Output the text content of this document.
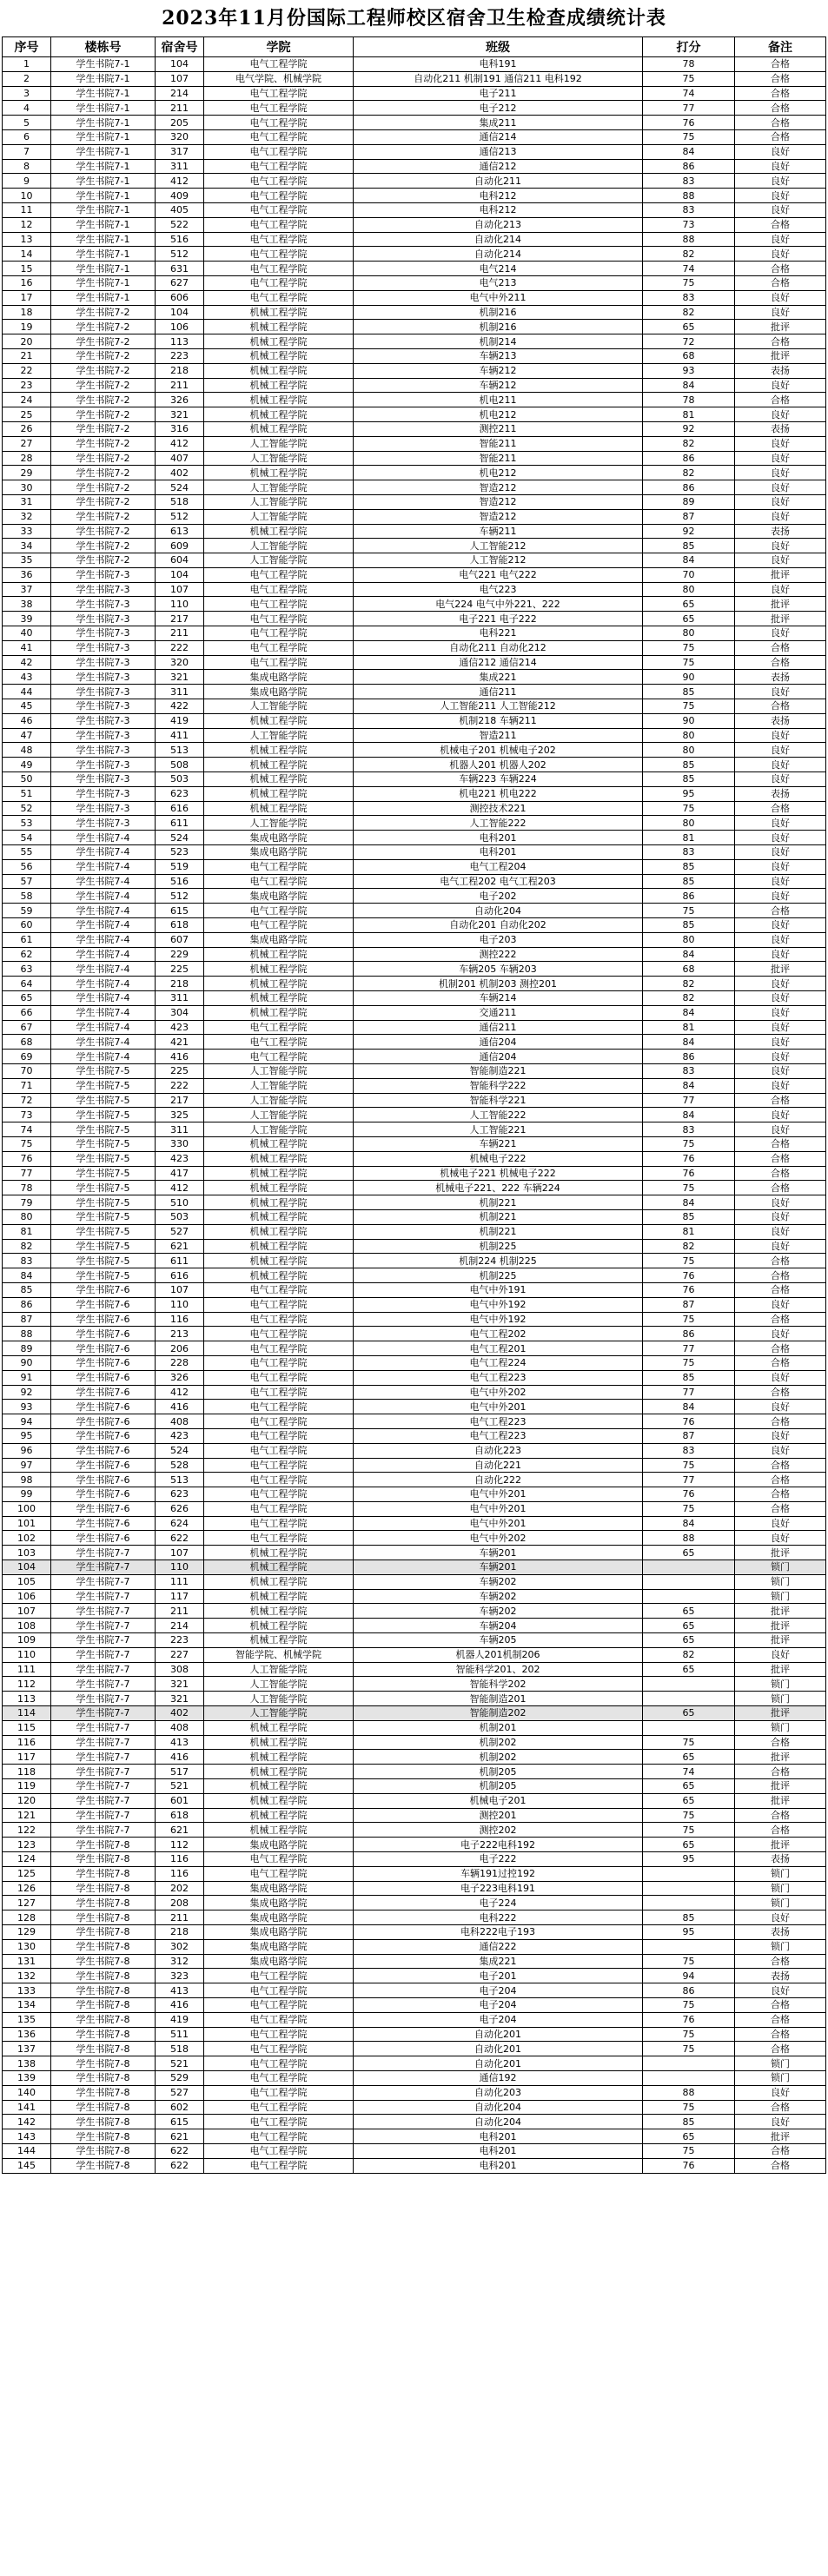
2023年11月份国际工程师校区宿舍卫生检查成绩统计表
序号	楼栋号	宿舍号	学院	班级	打分	备注
1	学生书院7-1	104	电气工程学院	电科191	78	合格
2	学生书院7-1	107	电气学院、机械学院	自动化211 机制191 通信211 电科192	75	合格
3	学生书院7-1	214	电气工程学院	电子211	74	合格
4	学生书院7-1	211	电气工程学院	电子212	77	合格
5	学生书院7-1	205	电气工程学院	集成211	76	合格
6	学生书院7-1	320	电气工程学院	通信214	75	合格
7	学生书院7-1	317	电气工程学院	通信213	84	良好
8	学生书院7-1	311	电气工程学院	通信212	86	良好
9	学生书院7-1	412	电气工程学院	自动化211	83	良好
10	学生书院7-1	409	电气工程学院	电科212	88	良好
11	学生书院7-1	405	电气工程学院	电科212	83	良好
12	学生书院7-1	522	电气工程学院	自动化213	73	合格
13	学生书院7-1	516	电气工程学院	自动化214	88	良好
14	学生书院7-1	512	电气工程学院	自动化214	82	良好
15	学生书院7-1	631	电气工程学院	电气214	74	合格
16	学生书院7-1	627	电气工程学院	电气213	75	合格
17	学生书院7-1	606	电气工程学院	电气中外211	83	良好
18	学生书院7-2	104	机械工程学院	机制216	82	良好
19	学生书院7-2	106	机械工程学院	机制216	65	批评
20	学生书院7-2	113	机械工程学院	机制214	72	合格
21	学生书院7-2	223	机械工程学院	车辆213	68	批评
22	学生书院7-2	218	机械工程学院	车辆212	93	表扬
23	学生书院7-2	211	机械工程学院	车辆212	84	良好
24	学生书院7-2	326	机械工程学院	机电211	78	合格
25	学生书院7-2	321	机械工程学院	机电212	81	良好
26	学生书院7-2	316	机械工程学院	测控211	92	表扬
27	学生书院7-2	412	人工智能学院	智能211	82	良好
28	学生书院7-2	407	人工智能学院	智能211	86	良好
29	学生书院7-2	402	机械工程学院	机电212	82	良好
30	学生书院7-2	524	人工智能学院	智造212	86	良好
31	学生书院7-2	518	人工智能学院	智造212	89	良好
32	学生书院7-2	512	人工智能学院	智造212	87	良好
33	学生书院7-2	613	机械工程学院	车辆211	92	表扬
34	学生书院7-2	609	人工智能学院	人工智能212	85	良好
35	学生书院7-2	604	人工智能学院	人工智能212	84	良好
36	学生书院7-3	104	电气工程学院	电气221 电气222	70	批评
37	学生书院7-3	107	电气工程学院	电气223	80	良好
38	学生书院7-3	110	电气工程学院	电气224 电气中外221、222	65	批评
39	学生书院7-3	217	电气工程学院	电子221 电子222	65	批评
40	学生书院7-3	211	电气工程学院	电科221	80	良好
41	学生书院7-3	222	电气工程学院	自动化211 自动化212	75	合格
42	学生书院7-3	320	电气工程学院	通信212 通信214	75	合格
43	学生书院7-3	321	集成电路学院	集成221	90	表扬
44	学生书院7-3	311	集成电路学院	通信211	85	良好
45	学生书院7-3	422	人工智能学院	人工智能211 人工智能212	75	合格
46	学生书院7-3	419	机械工程学院	机制218 车辆211	90	表扬
47	学生书院7-3	411	人工智能学院	智造211	80	良好
48	学生书院7-3	513	机械工程学院	机械电子201 机械电子202	80	良好
49	学生书院7-3	508	机械工程学院	机器人201 机器人202	85	良好
50	学生书院7-3	503	机械工程学院	车辆223 车辆224	85	良好
51	学生书院7-3	623	机械工程学院	机电221 机电222	95	表扬
52	学生书院7-3	616	机械工程学院	测控技术221	75	合格
53	学生书院7-3	611	人工智能学院	人工智能222	80	良好
54	学生书院7-4	524	集成电路学院	电科201	81	良好
55	学生书院7-4	523	集成电路学院	电科201	83	良好
56	学生书院7-4	519	电气工程学院	电气工程204	85	良好
57	学生书院7-4	516	电气工程学院	电气工程202 电气工程203	85	良好
58	学生书院7-4	512	集成电路学院	电子202	86	良好
59	学生书院7-4	615	电气工程学院	自动化204	75	合格
60	学生书院7-4	618	电气工程学院	自动化201 自动化202	85	良好
61	学生书院7-4	607	集成电路学院	电子203	80	良好
62	学生书院7-4	229	机械工程学院	测控222	84	良好
63	学生书院7-4	225	机械工程学院	车辆205 车辆203	68	批评
64	学生书院7-4	218	机械工程学院	机制201 机制203 测控201	82	良好
65	学生书院7-4	311	机械工程学院	车辆214	82	良好
66	学生书院7-4	304	机械工程学院	交通211	84	良好
67	学生书院7-4	423	电气工程学院	通信211	81	良好
68	学生书院7-4	421	电气工程学院	通信204	84	良好
69	学生书院7-4	416	电气工程学院	通信204	86	良好
70	学生书院7-5	225	人工智能学院	智能制造221	83	良好
71	学生书院7-5	222	人工智能学院	智能科学222	84	良好
72	学生书院7-5	217	人工智能学院	智能科学221	77	合格
73	学生书院7-5	325	人工智能学院	人工智能222	84	良好
74	学生书院7-5	311	人工智能学院	人工智能221	83	良好
75	学生书院7-5	330	机械工程学院	车辆221	75	合格
76	学生书院7-5	423	机械工程学院	机械电子222	76	合格
77	学生书院7-5	417	机械工程学院	机械电子221 机械电子222	76	合格
78	学生书院7-5	412	机械工程学院	机械电子221、222 车辆224	75	合格
79	学生书院7-5	510	机械工程学院	机制221	84	良好
80	学生书院7-5	503	机械工程学院	机制221	85	良好
81	学生书院7-5	527	机械工程学院	机制221	81	良好
82	学生书院7-5	621	机械工程学院	机制225	82	良好
83	学生书院7-5	611	机械工程学院	机制224 机制225	75	合格
84	学生书院7-5	616	机械工程学院	机制225	76	合格
85	学生书院7-6	107	电气工程学院	电气中外191	76	合格
86	学生书院7-6	110	电气工程学院	电气中外192	87	良好
87	学生书院7-6	116	电气工程学院	电气中外192	75	合格
88	学生书院7-6	213	电气工程学院	电气工程202	86	良好
89	学生书院7-6	206	电气工程学院	电气工程201	77	合格
90	学生书院7-6	228	电气工程学院	电气工程224	75	合格
91	学生书院7-6	326	电气工程学院	电气工程223	85	良好
92	学生书院7-6	412	电气工程学院	电气中外202	77	合格
93	学生书院7-6	416	电气工程学院	电气中外201	84	良好
94	学生书院7-6	408	电气工程学院	电气工程223	76	合格
95	学生书院7-6	423	电气工程学院	电气工程223	87	良好
96	学生书院7-6	524	电气工程学院	自动化223	83	良好
97	学生书院7-6	528	电气工程学院	自动化221	75	合格
98	学生书院7-6	513	电气工程学院	自动化222	77	合格
99	学生书院7-6	623	电气工程学院	电气中外201	76	合格
100	学生书院7-6	626	电气工程学院	电气中外201	75	合格
101	学生书院7-6	624	电气工程学院	电气中外201	84	良好
102	学生书院7-6	622	电气工程学院	电气中外202	88	良好
103	学生书院7-7	107	机械工程学院	车辆201	65	批评
104	学生书院7-7	110	机械工程学院	车辆201		锁门
105	学生书院7-7	111	机械工程学院	车辆202		锁门
106	学生书院7-7	117	机械工程学院	车辆202		锁门
107	学生书院7-7	211	机械工程学院	车辆202	65	批评
108	学生书院7-7	214	机械工程学院	车辆204	65	批评
109	学生书院7-7	223	机械工程学院	车辆205	65	批评
110	学生书院7-7	227	智能学院、机械学院	机器人201机制206	82	良好
111	学生书院7-7	308	人工智能学院	智能科学201、202	65	批评
112	学生书院7-7	321	人工智能学院	智能科学202		锁门
113	学生书院7-7	321	人工智能学院	智能制造201		锁门
114	学生书院7-7	402	人工智能学院	智能制造202	65	批评
115	学生书院7-7	408	机械工程学院	机制201		锁门
116	学生书院7-7	413	机械工程学院	机制202	75	合格
117	学生书院7-7	416	机械工程学院	机制202	65	批评
118	学生书院7-7	517	机械工程学院	机制205	74	合格
119	学生书院7-7	521	机械工程学院	机制205	65	批评
120	学生书院7-7	601	机械工程学院	机械电子201	65	批评
121	学生书院7-7	618	机械工程学院	测控201	75	合格
122	学生书院7-7	621	机械工程学院	测控202	75	合格
123	学生书院7-8	112	集成电路学院	电子222电科192	65	批评
124	学生书院7-8	116	电气工程学院	电子222	95	表扬
125	学生书院7-8	116	电气工程学院	车辆191过控192		锁门
126	学生书院7-8	202	集成电路学院	电子223电科191		锁门
127	学生书院7-8	208	集成电路学院	电子224		锁门
128	学生书院7-8	211	集成电路学院	电科222	85	良好
129	学生书院7-8	218	集成电路学院	电科222电子193	95	表扬
130	学生书院7-8	302	集成电路学院	通信222		锁门
131	学生书院7-8	312	集成电路学院	集成221	75	合格
132	学生书院7-8	323	电气工程学院	电子201	94	表扬
133	学生书院7-8	413	电气工程学院	电子204	86	良好
134	学生书院7-8	416	电气工程学院	电子204	75	合格
135	学生书院7-8	419	电气工程学院	电子204	76	合格
136	学生书院7-8	511	电气工程学院	自动化201	75	合格
137	学生书院7-8	518	电气工程学院	自动化201	75	合格
138	学生书院7-8	521	电气工程学院	自动化201		锁门
139	学生书院7-8	529	电气工程学院	通信192		锁门
140	学生书院7-8	527	电气工程学院	自动化203	88	良好
141	学生书院7-8	602	电气工程学院	自动化204	75	合格
142	学生书院7-8	615	电气工程学院	自动化204	85	良好
143	学生书院7-8	621	电气工程学院	电科201	65	批评
144	学生书院7-8	622	电气工程学院	电科201	75	合格
145	学生书院7-8	622	电气工程学院	电科201	76	合格
